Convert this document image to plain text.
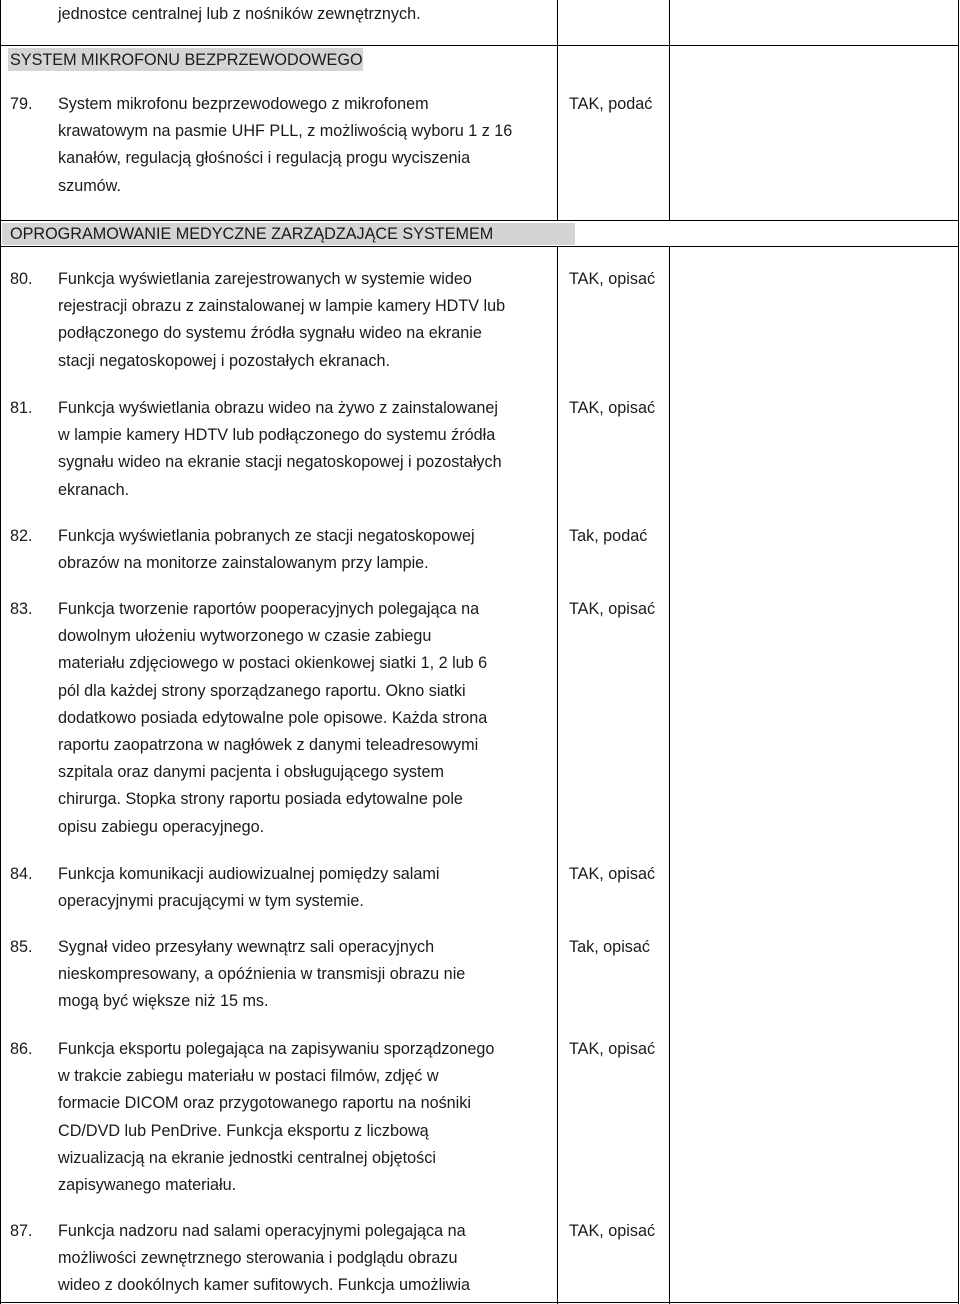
jednostce centralnej lub z nośników zewnętrznych.
SYSTEM MIKROFONU BEZPRZEWODOWEGO
79. System mikrofonu bezprzewodowego z mikrofonem
krawatowym na pasmie UHF PLL, z możliwością wyboru 1 z 16
kanałów, regulacją głośności i regulacją progu wyciszenia
szumów.
TAK, podać
OPROGRAMOWANIE MEDYCZNE ZARZĄDZAJĄCE SYSTEMEM
80. Funkcja wyświetlania zarejestrowanych w systemie wideo
rejestracji obrazu z zainstalowanej w lampie kamery HDTV lub
podłączonego do systemu źródła sygnału wideo na ekranie
stacji negatoskopowej i pozostałych ekranach.
TAK, opisać
81. Funkcja wyświetlania obrazu wideo na żywo z zainstalowanej
w lampie kamery HDTV lub podłączonego do systemu źródła
sygnału wideo na ekranie stacji negatoskopowej i pozostałych
ekranach.
TAK, opisać
82. Funkcja wyświetlania pobranych ze stacji negatoskopowej
obrazów na monitorze zainstalowanym przy lampie.
Tak, podać
83. Funkcja tworzenie raportów pooperacyjnych polegająca na
dowolnym ułożeniu wytworzonego w czasie zabiegu
materiału zdjęciowego w postaci okienkowej siatki 1, 2 lub 6
pól dla każdej strony sporządzanego raportu. Okno siatki
dodatkowo posiada edytowalne pole opisowe. Każda strona
raportu zaopatrzona w nagłówek z danymi teleadresowymi
szpitala oraz danymi pacjenta i obsługującego system
chirurga. Stopka strony raportu posiada edytowalne pole
opisu zabiegu operacyjnego.
TAK, opisać
84. Funkcja komunikacji audiowizualnej pomiędzy salami
operacyjnymi pracującymi w tym systemie.
TAK, opisać
85. Sygnał video przesyłany wewnątrz sali operacyjnych
nieskompresowany, a opóźnienia w transmisji obrazu nie
mogą być większe niż 15 ms.
Tak, opisać
86. Funkcja eksportu polegająca na zapisywaniu sporządzonego
w trakcie zabiegu materiału w postaci filmów, zdjęć w
formacie DICOM oraz przygotowanego raportu na nośniki
CD/DVD lub PenDrive. Funkcja eksportu z liczbową
wizualizacją na ekranie jednostki centralnej objętości
zapisywanego materiału.
TAK, opisać
87. Funkcja nadzoru nad salami operacyjnymi polegająca na
możliwości zewnętrznego sterowania i podglądu obrazu
wideo z dookólnych kamer sufitowych. Funkcja umożliwia
TAK, opisać
